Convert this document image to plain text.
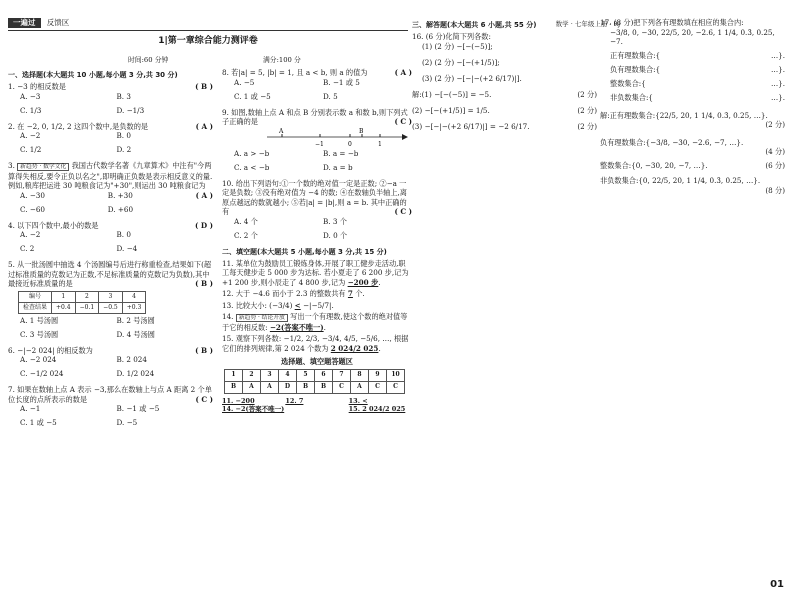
一遍过 反馈区
1|第一章综合能力测评卷
时间:60 分钟	满分:100 分
一、选择题(本大题共 10 小题,每小题 3 分,共 30 分)
( B )
1. −3 的相反数是
A. −3	B. 3
C. 1/3	D. −1/3
( A )
2. 在 −2, 0, 1/2, 2 这四个数中,是负数的是
A. −2	B. 0
C. 1/2	D. 2
3. 新趋势 · 数学文化 我国古代数学名著《九章算术》中注有"今两算得失相反,要令正负以名之",即明确正负数是表示相反意义的量. 例如,粮库把运进 30 吨粮食记为"+30",则运出 30 吨粮食记为
( A )
A. −30	B. +30
C. −60	D. +60
( D )
4. 以下四个数中,最小的数是
A. −2	B. 0
C. 2	D. −4
5. 从一批汤圆中抽选 4 个汤圆编号后进行称重检查,结果如下(超过标准质量的克数记为正数,不足标准质量的克数记为负数),其中最接近标准质量的是	( B )
编号	1	2	3	4
检查结果	+0.4	−0.1	−0.5	+0.3
A. 1 号汤圆	B. 2 号汤圆
C. 3 号汤圆	D. 4 号汤圆
( B )
6. −|−2 024| 的相反数为
A. −2 024	B. 2 024
C. −1/2 024	D. 1/2 024
7. 如果在数轴上点 A 表示 −3,那么在数轴上与点 A 距离 2 个单位长度的点所表示的数是	( C )
A. −1	B. −1 或 −5
C. 1 或 −5	D. −5
8. 若|a| = 5, |b| = 1, 且 a < b, 则 a 的值为	( A )
A. −5	B. −1 或 5
C. 1 或 −5	D. 5
9. 如图,数轴上点 A 和点 B 分别表示数 a 和数 b,则下列式子正确的是	( C )
A	B
−1	0	1
A. a > −b	B. a = −b
C. a < −b	D. a = b
10. 给出下列语句:①一个数的绝对值一定是正数; ②−a 一定是负数; ③没有绝对值为 −4 的数; ④在数轴负半轴上,离原点越远的数就越小; ⑤若|a| = |b|,则 a = b. 其中正确的有	( C )
A. 4 个	B. 3 个
C. 2 个	D. 0 个
二、填空题(本大题共 5 小题,每小题 3 分,共 15 分)
11. 某单位为鼓励员工锻炼身体,开展了职工健步走活动,职工每天健步走 5 000 步为达标. 若小夏走了 6 200 步,记为 +1 200 步,则小辰走了 4 800 步,记为 −200 步.
12. 大于 −4.6 而小于 2.3 的整数共有 7 个.
13. 比较大小: (−3/4) < −|−5/7|.
14. 新趋势 · 结论开放 写出一个有理数,使这个数的绝对值等于它的相反数: −2(答案不唯一).
15. 观察下列各数: −1/2, 2/3, −3/4, 4/5, −5/6, …, 根据它们的排列规律,第 2 024 个数为 2 024/2 025.
选择题、填空题答题区
1	2	3	4	5	6	7	8	9	10
B	A	A	D	B	B	C	A	C	C
11. −200	12. 7	13. <
14. −2(答案不唯一)	15. 2 024/2 025
数学 · 七年级上册 · RJ
三、解答题(本大题共 6 小题,共 55 分)
16. (6 分)化简下列各数:
(1) (2 分) −[−(−5)];
(2) (2 分) −[−(+1/5)];
(3) (2 分) −[−|−(+2 6/17)|].
解:(1) −[−(−5)] = −5.	(2 分)
(2) −[−(+1/5)] = 1/5.	(2 分)
(3) −[−|−(+2 6/17)|] = −2 6/17.	(2 分)
17. (8 分)把下列各有理数填在相应的集合内:
−3/8, 0, −30, 22/5, 20, −2.6, 1 1/4, 0.3̇, 0.25, −7.
正有理数集合:{	…}.
负有理数集合:{	…}.
整数集合:{	…}.
非负数集合:{	…}.
解:正有理数集合:{22/5, 20, 1 1/4, 0.3̇, 0.25, …}.
(2 分)
负有理数集合:{−3/8, −30, −2.6, −7, …}.
(4 分)
整数集合:{0, −30, 20, −7, …}.	(6 分)
非负数集合:{0, 22/5, 20, 1 1/4, 0.3̇, 0.25, …}.
(8 分)
01
